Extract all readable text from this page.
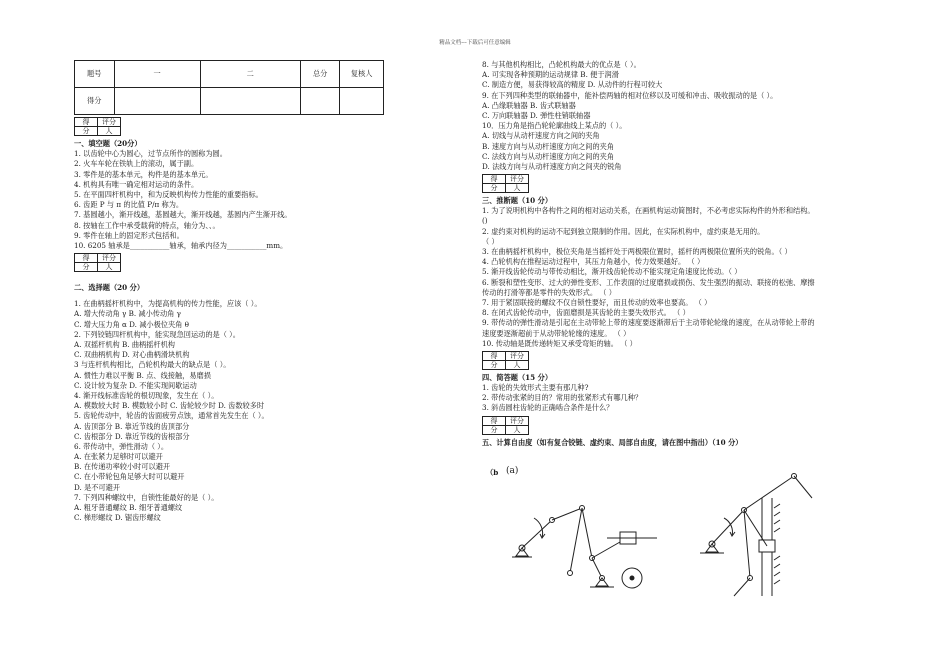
精品文档---下载后可任意编辑
题号	一	二	总分	复核人
得分				
得	评分
分	人
一、填空题（20分）
1. 以齿轮中心为圆心，过节点所作的圆称为圆。
2. 火车车轮在铁轨上的滚动，属于副。
3. 零件是的基本单元，构件是的基本单元。
4. 机构具有唯一确定相对运动的条件。
5. 在平面四杆机构中，和为反映机构传力性能的重要指标。
6. 齿距 P 与 π 的比值 P/π 称为。
7. 基圆越小，渐开线越，基圆越大，渐开线越，基圆内产生渐开线。
8. 按轴在工作中承受载荷的特点，轴分为、、。
9. 零件在轴上的固定形式包括和。
10. 6205 轴承是___________轴承，轴承内径为___________mm。
得	评分
分	人
二、选择题（20 分）
1. 在曲柄摇杆机构中，为提高机构的传力性能，应该（ ）。
A. 增大传动角 γ B. 减小传动角 γ
C. 增大压力角 α D. 减小极位夹角 θ
2. 下列铰链四杆机构中，能实现急回运动的是（ ）。
A. 双摇杆机构 B. 曲柄摇杆机构
C. 双曲柄机构 D. 对心曲柄滑块机构
3 与连杆机构相比，凸轮机构最大的缺点是（ ）。
A. 惯性力难以平衡 B. 点、线接触，易磨损
C. 设计较为复杂 D. 不能实现间歇运动
4. 渐开线标准齿轮的根切现象，发生在（ ）。
A. 模数较大时 B. 模数较小时 C. 齿轮较少时 D. 齿数较多时
5. 齿轮传动中，轮齿的齿面疲劳点蚀，通常首先发生在（ ）。
A. 齿顶部分 B. 靠近节线的齿顶部分
C. 齿根部分 D. 靠近节线的齿根部分
6. 带传动中，弹性滑动（ ）。
A. 在张紧力足够时可以避开
B. 在传递功率较小时可以避开
C. 在小带轮包角足够大时可以避开
D. 是不可避开
7. 下列四种螺纹中，自锁性能最好的是（ ）。
A. 粗牙普通螺纹 B. 细牙普通螺纹
C. 梯形螺纹 D. 锯齿形螺纹
8. 与其他机构相比，凸轮机构最大的优点是（ ）。
A. 可实现各种预期的运动规律 B. 便于润滑
C. 制造方便，易获得较高的精度 D. 从动件的行程可较大
9. 在下列四种类型的联轴器中，能补偿两轴的相对位移以及可缓和冲击、吸收振动的是（ ）。
A. 凸缘联轴器 B. 齿式联轴器
C. 万向联轴器 D. 弹性柱销联轴器
10．压力角是指凸轮轮廓曲线上某点的（ ）。
A. 切线与从动杆速度方向之间的夹角
B. 速度方向与从动杆速度方向之间的夹角
C. 法线方向与从动杆速度方向之间的夹角
D. 法线方向与从动杆速度方向之间夹的锐角
得	评分
分	人
三、推断题（10 分）
1. 为了说明机构中各构件之间的相对运动关系，在画机构运动简图时，不必考虑实际构件的外形和结构。
()
2. 虚约束对机构的运动不起到独立限制的作用。因此，在实际机构中，虚约束是无用的。
（ ）
3. 在曲柄摇杆机构中，极位夹角是当摇杆处于两极限位置时，摇杆的两极限位置所夹的锐角。（ ）
4. 凸轮机构在推程运动过程中，其压力角越小，传力效果越好。 （ ）
5. 渐开线齿轮传动与带传动相比，渐开线齿轮传动不能实现定角速度比传动。（ ）
6. 断裂和塑性变形、过大的弹性变形、工作表面的过度磨损或损伤、发生强烈的振动、联接的松弛、摩擦
传动的打滑等都是零件的失效形式。 （ ）
7. 用于紧固联接的螺纹不仅自锁性要好，而且传动的效率也要高。 （ ）
8. 在闭式齿轮传动中，齿面磨损是其齿轮的主要失效形式。 （ ）
9. 带传动的弹性滑动是引起在主动带轮上带的速度要逐渐滞后于主动带轮轮缘的速度，在从动带轮上带的
速度要逐渐超前于从动带轮轮缘的速度。 （ ）
10. 传动轴是既传递转矩又承受弯矩的轴。 （ ）
得	评分
分	人
四、简答题（15 分）
1. 齿轮的失效形式主要有那几种?
2. 带传动张紧的目的？常用的张紧形式有哪几种？
3. 斜齿圆柱齿轮的正确啮合条件是什么？
得	评分
分	人
五、计算自由度（如有复合铰链、虚约束、局部自由度，请在图中指出）（10 分）
（b (a)
